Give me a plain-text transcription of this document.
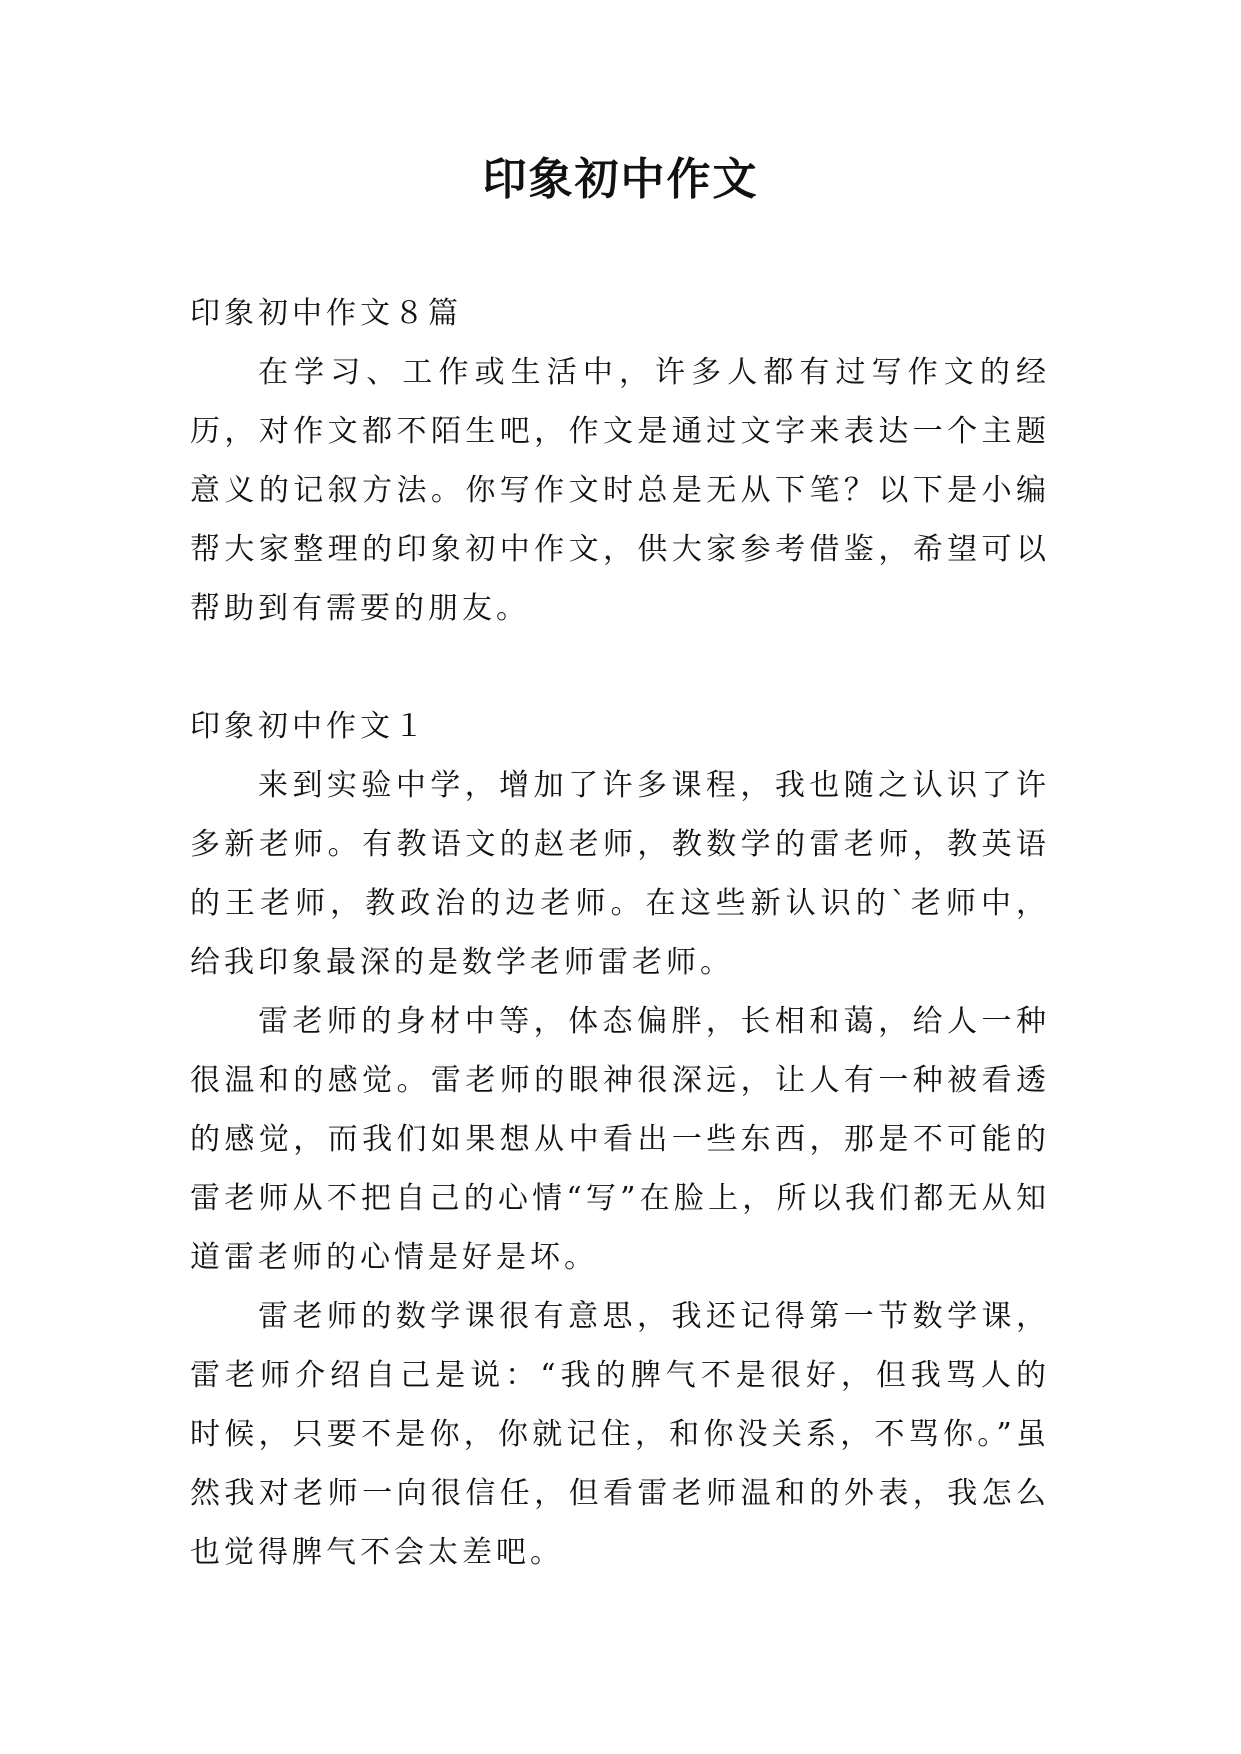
印象初中作文

印象初中作文８篇

在学习、工作或生活中，许多人都有过写作文的经历，对作文都不陌生吧，作文是通过文字来表达一个主题意义的记叙方法。你写作文时总是无从下笔？以下是小编帮大家整理的印象初中作文，供大家参考借鉴，希望可以帮助到有需要的朋友。

印象初中作文１

来到实验中学，增加了许多课程，我也随之认识了许多新老师。有教语文的赵老师，教数学的雷老师，教英语的王老师，教政治的边老师。在这些新认识的`老师中，给我印象最深的是数学老师雷老师。

雷老师的身材中等，体态偏胖，长相和蔼，给人一种很温和的感觉。雷老师的眼神很深远，让人有一种被看透的感觉，而我们如果想从中看出一些东西，那是不可能的雷老师从不把自己的心情“写”在脸上，所以我们都无从知道雷老师的心情是好是坏。

雷老师的数学课很有意思，我还记得第一节数学课，雷老师介绍自己是说：“我的脾气不是很好，但我骂人的时候，只要不是你，你就记住，和你没关系，不骂你。”虽然我对老师一向很信任，但看雷老师温和的外表，我怎么也觉得脾气不会太差吧。
